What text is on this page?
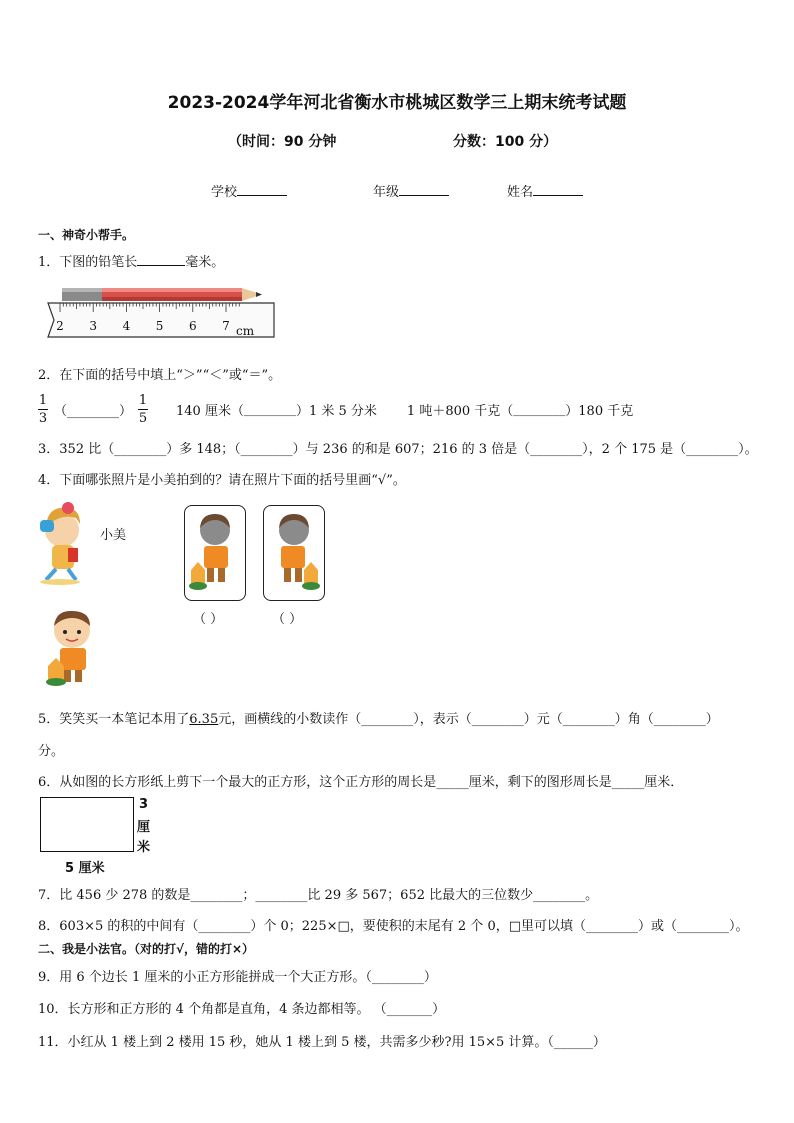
2023-2024学年河北省衡水市桃城区数学三上期末统考试题
（时间：90 分钟	分数：100 分）
学校	年级	姓名
一、神奇小帮手。
1．下图的铅笔长	毫米。
2 3 4 5 6 7 cm
2．在下面的括号中填上“＞”“＜”或“＝”。
$\frac{1}{3}$ （________） $\frac{1}{5} 140$ 厘米（ ________ ）1 米 5 分米 1 吨＋800 千克（ ________ ）180 千克
3．352 比（________）多 148；（________）与 236 的和是 607；216 的 3 倍是（________），2 个 175 是（________）。
4．下面哪张照片是小美拍到的？请在照片下面的括号里画“√”。
小美
（ ）	（ ）
5．笑笑买一本笔记本用了6.35元，画横线的小数读作（________），表示（________）元（________）角（________）
分。
6．从如图的长方形纸上剪下一个最大的正方形，这个正方形的周长是_____厘米，剩下的图形周长是_____厘米．
3
厘
米
5 厘米
7．比 456 少 278 的数是________；________比 29 多 567；652 比最大的三位数少________。
8．603×5 的积的中间有（________）个 0；225×□，要使积的末尾有 2 个 0，□里可以填（________）或（________）。
二、我是小法官。（对的打√，错的打×）
9．用 6 个边长 1 厘米的小正方形能拼成一个大正方形。（________）
10．长方形和正方形的 4 个角都是直角，4 条边都相等。 （_______）
11．小红从 1 楼上到 2 楼用 15 秒，她从 1 楼上到 5 楼，共需多少秒?用 15×5 计算。（______）
